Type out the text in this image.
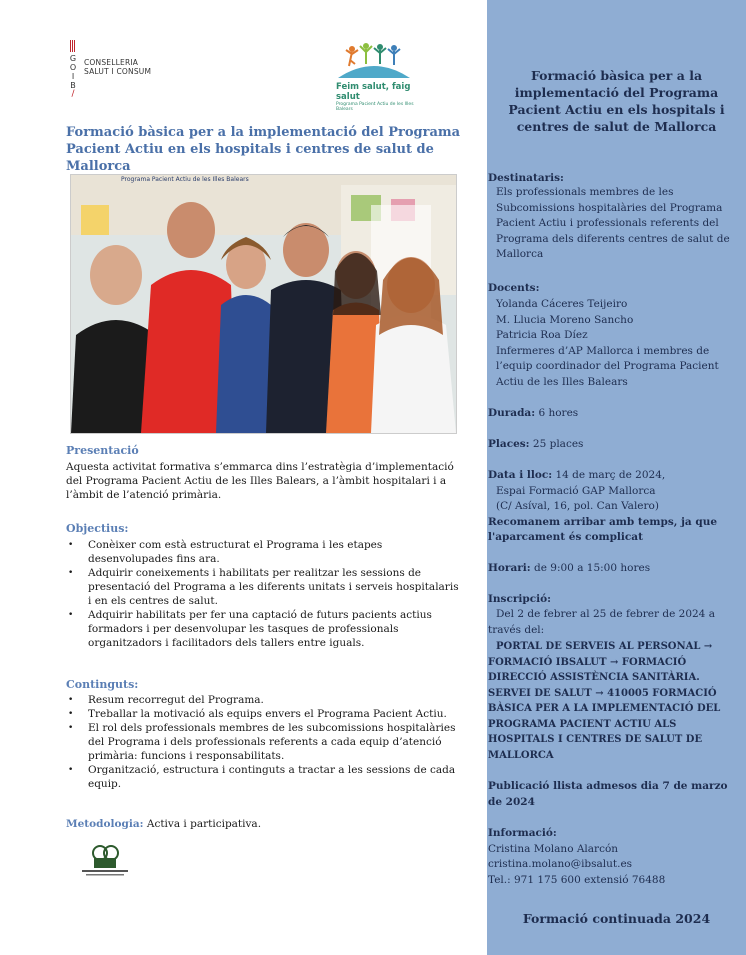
G
O
I
B
/
CONSELLERIA
SALUT I CONSUM
Feim salut, faig salut
Programa Pacient Actiu de les Illes Balears
Formació bàsica per a la implementació del Programa Pacient Actiu en els hospitals i centres de salut de Mallorca
Programa Pacient Actiu de les Illes Balears
Presentació

Aquesta activitat formativa s’emmarca dins l’estratègia d’implementació del Programa Pacient Actiu de les Illes Balears, a l’àmbit hospitalari i a l’àmbit de l’atenció primària.

Objectius:
• Conèixer com està estructurat el Programa i les etapes desenvolupades fins ara.
• Adquirir coneixements i habilitats per realitzar les sessions de presentació del Programa a les diferents unitats i serveis hospitalaris i en els centres de salut.
• Adquirir habilitats per fer una captació de futurs pacients actius formadors i per desenvolupar les tasques de professionals organitzadors i facilitadors dels tallers entre iguals.
Continguts:
• Resum recorregut del Programa.
• Treballar la motivació als equips envers el Programa Pacient Actiu.
• El rol dels professionals membres de les subcomissions hospitalàries del Programa i dels professionals referents a cada equip d’atenció primària: funcions i responsabilitats.
• Organització, estructura i continguts a tractar a les sessions de cada equip.
Metodologia: Activa i participativa.
Formació bàsica per a la implementació del Programa Pacient Actiu en els hospitals i centres de salut de Mallorca
Destinataris:

Els professionals membres de les Subcomissions hospitalàries del Programa Pacient Actiu i professionals referents del Programa dels diferents centres de salut de Mallorca

Docents:
Yolanda Cáceres Teijeiro
M. Llucia Moreno Sancho
Patricia Roa Díez
Infermeres d’AP Mallorca i membres de l’equip coordinador del Programa Pacient Actiu de les Illes Balears
Durada: 6 hores
Places: 25 places
Data i lloc: 14 de març de 2024,
Espai Formació GAP Mallorca
(C/ Asíval, 16, pol. Can Valero)
Recomanem arribar amb temps, ja que l'aparcament és complicat
Horari: de 9:00 a 15:00 hores
Inscripció:

Del 2 de febrer al 25 de febrer de 2024 a través del:

PORTAL DE SERVEIS AL PERSONAL → FORMACIÓ IBSALUT → FORMACIÓ DIRECCIÓ ASSISTÈNCIA SANITÀRIA. SERVEI DE SALUT → 410005 FORMACIÓ BÀSICA PER A LA IMPLEMENTACIÓ DEL PROGRAMA PACIENT ACTIU ALS HOSPITALS I CENTRES DE SALUT DE MALLORCA

Publicació llista admesos dia 7 de marzo de 2024

Informació:
Cristina Molano Alarcón
cristina.molano@ibsalut.es
Tel.: 971 175 600 extensió 76488
Formació continuada 2024
